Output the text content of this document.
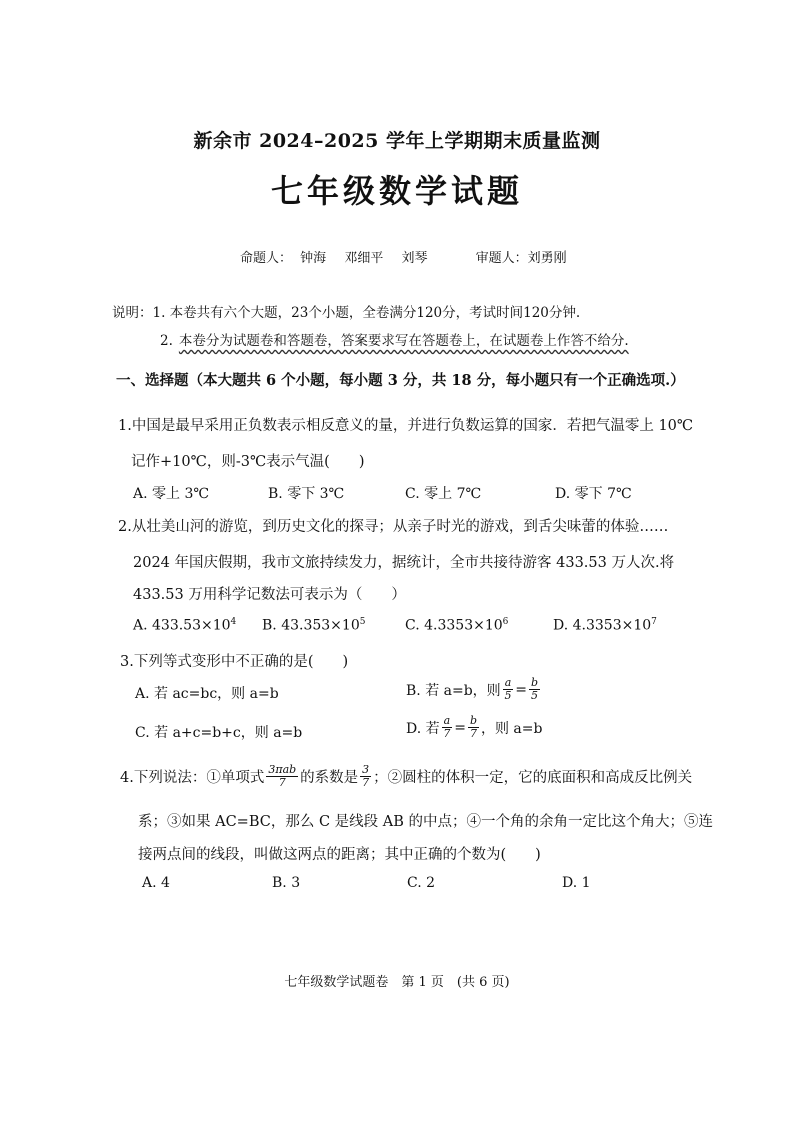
新余市 2024–2025 学年上学期期末质量监测
七年级数学试题
命题人： 钟海 邓细平 刘琴	审题人：刘勇刚
说明：1. 本卷共有六个大题，23个小题，全卷满分120分，考试时间120分钟.
2. 本卷分为试题卷和答题卷，答案要求写在答题卷上，在试题卷上作答不给分.
一、选择题（本大题共 6 个小题，每小题 3 分，共 18 分，每小题只有一个正确选项.）
1.中国是最早采用正负数表示相反意义的量，并进行负数运算的国家．若把气温零上 10℃
记作+10℃，则-3℃表示气温(　　)
A. 零上 3℃	B. 零下 3℃	C. 零上 7℃	D. 零下 7℃
2.从壮美山河的游览，到历史文化的探寻；从亲子时光的游戏，到舌尖味蕾的体验……
2024 年国庆假期，我市文旅持续发力，据统计，全市共接待游客 433.53 万人次.将
433.53 万用科学记数法可表示为（　　）
A. $433.53\times 10^4$ B. $43.353\times 10^5$	C. $4.3353\times 10^6$	D. $4.3353\times 10^7$
3.下列等式变形中不正确的是(　　)
A. 若 ac=bc，则 a=b	B. 若 a=b，则 $\frac{a}{5} = \frac{b}{5}$
C. 若 a+c=b+c，则 a=b	D. 若 $\frac{a}{7} = \frac{b}{7}$ ，则 a=b
4.下列说法：①单项式 $\frac{\text{3πab}}{7}$ 的系数是 $\frac{3}{7}$ ；②圆柱的体积一定，它的底面积和高成反比例关
系；③如果 AC=BC，那么 C 是线段 AB 的中点；④一个角的余角一定比这个角大；⑤连
接两点间的线段，叫做这两点的距离；其中正确的个数为(　　)
A. 4	B. 3	C. 2	D. 1
七年级数学试题卷　第 1 页　(共 6 页)
